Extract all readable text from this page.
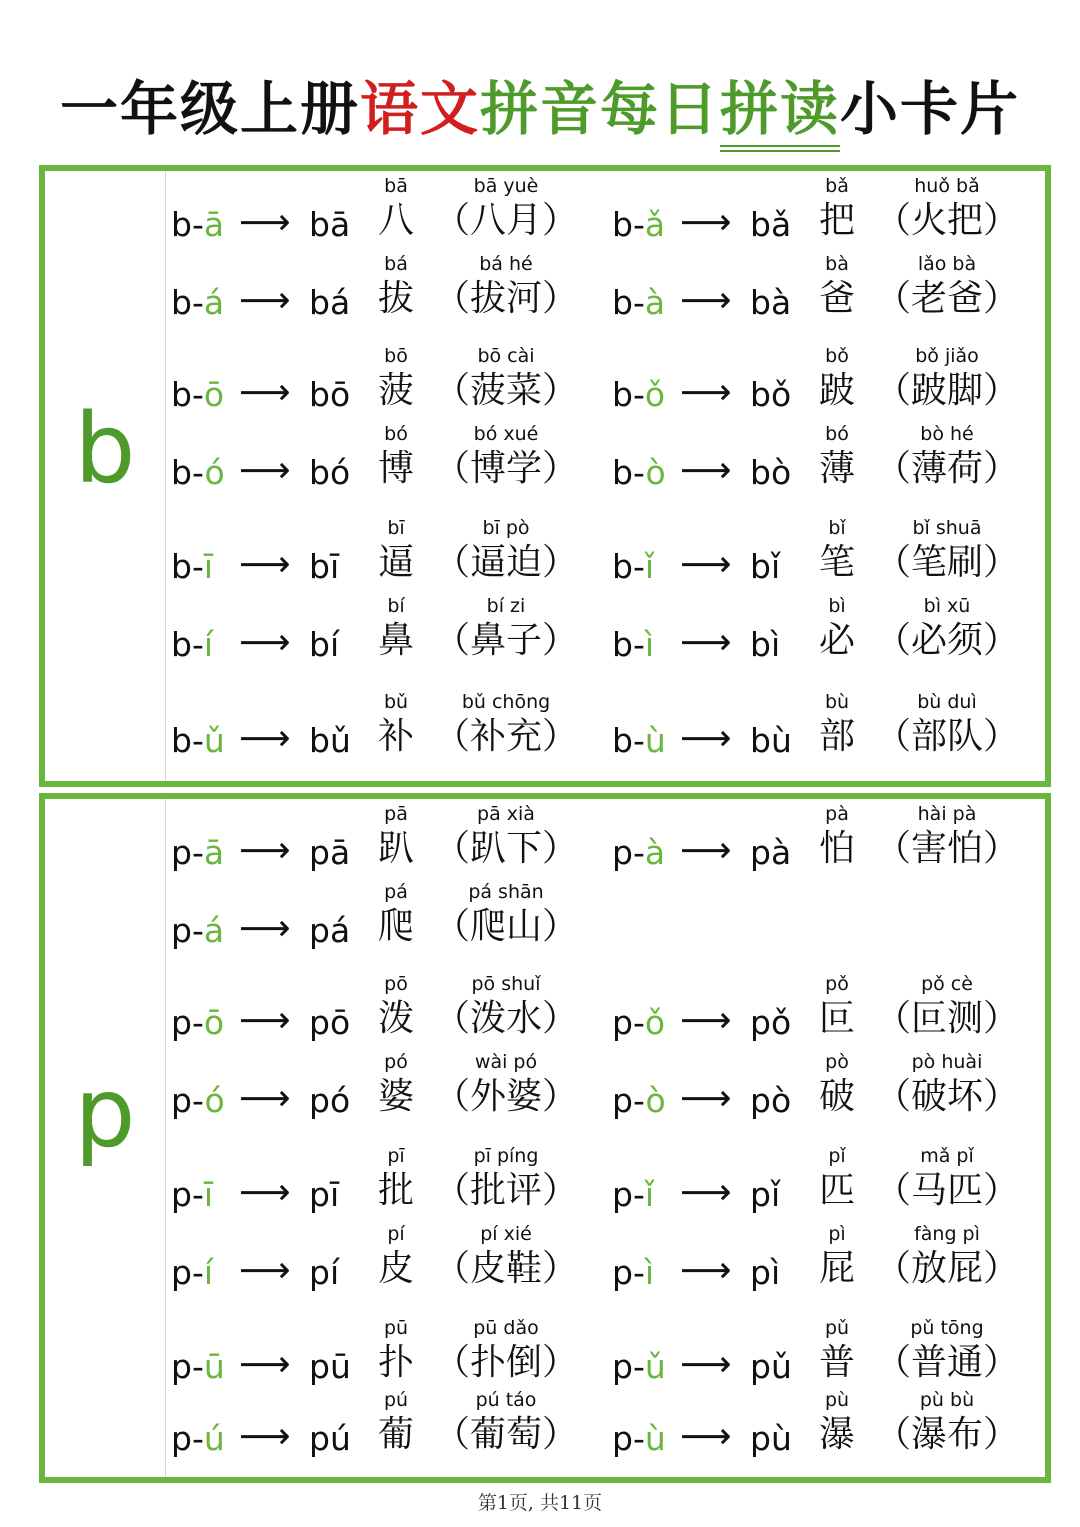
一年级上册语文拼音每日拼读小卡片
b
b-ā ⟶ bā
bā
八
bā yuè
（八月） b-ǎ ⟶ bǎ
bǎ
把
huǒ bǎ
（火把）
b-á ⟶ bá
bá
拔
bá hé
（拔河） b-à ⟶ bà
bà
爸
lǎo bà
（老爸）
b-ō ⟶ bō
bō
菠
bō cài
（菠菜） b-ǒ ⟶ bǒ
bǒ
跛
bǒ jiǎo
（跛脚）
b-ó ⟶ bó
bó
博
bó xué
（博学） b-ò ⟶ bò
bó
薄
bò hé
（薄荷）
b-ī ⟶ bī
bī
逼
bī pò
（逼迫） b-ǐ ⟶ bǐ
bǐ
笔
bǐ shuā
（笔刷）
b-í ⟶ bí
bí
鼻
bí zi
（鼻子） b-ì ⟶ bì
bì
必
bì xū
（必须）
b-ǔ ⟶ bǔ
bǔ
补
bǔ chōng
（补充） b-ù ⟶ bù
bù
部
bù duì
（部队）
p
p-ā ⟶ pā
pā
趴
pā xià
（趴下） p-à ⟶ pà
pà
怕
hài pà
（害怕）
p-á ⟶ pá
pá
爬
pá shān
（爬山）
p-ō ⟶ pō
pō
泼
pō shuǐ
（泼水） p-ǒ ⟶ pǒ
pǒ
叵
pǒ cè
（叵测）
p-ó ⟶ pó
pó
婆
wài pó
（外婆） p-ò ⟶ pò
pò
破
pò huài
（破坏）
p-ī ⟶ pī
pī
批
pī píng
（批评） p-ǐ ⟶ pǐ
pǐ
匹
mǎ pǐ
（马匹）
p-í ⟶ pí
pí
皮
pí xié
（皮鞋） p-ì ⟶ pì
pì
屁
fàng pì
（放屁）
p-ū ⟶ pū
pū
扑
pū dǎo
（扑倒） p-ǔ ⟶ pǔ
pǔ
普
pǔ tōng
（普通）
p-ú ⟶ pú
pú
葡
pú táo
（葡萄） p-ù ⟶ pù
pù
瀑
pù bù
（瀑布）
第1页, 共11页
